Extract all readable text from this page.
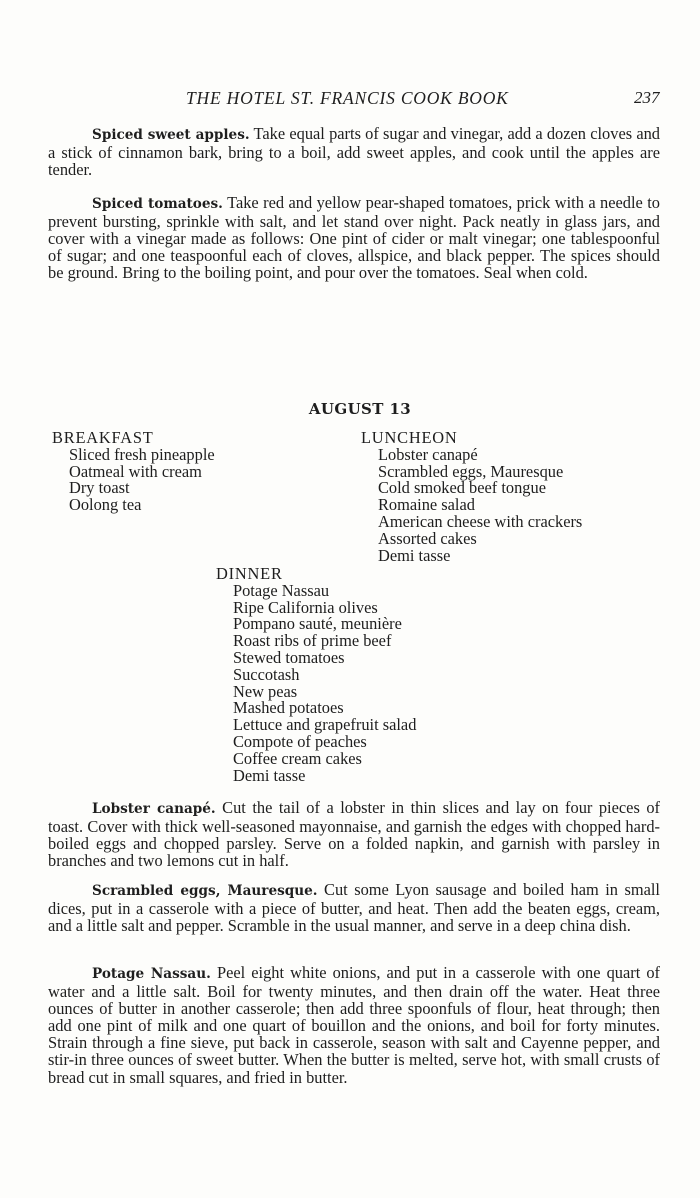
THE HOTEL ST. FRANCIS COOK BOOK	237

Spiced sweet apples. Take equal parts of sugar and vinegar, add a dozen cloves and a stick of cinnamon bark, bring to a boil, add sweet apples, and cook until the apples are tender.

Spiced tomatoes. Take red and yellow pear-shaped tomatoes, prick with a needle to prevent bursting, sprinkle with salt, and let stand over night. Pack neatly in glass jars, and cover with a vinegar made as follows: One pint of cider or malt vinegar; one tablespoonful of sugar; and one teaspoonful each of cloves, allspice, and black pepper. The spices should be ground. Bring to the boiling point, and pour over the tomatoes. Seal when cold.

AUGUST 13
BREAKFAST
Sliced fresh pineapple
Oatmeal with cream
Dry toast
Oolong tea
LUNCHEON
Lobster canapé
Scrambled eggs, Mauresque
Cold smoked beef tongue
Romaine salad
American cheese with crackers
Assorted cakes
Demi tasse
DINNER
Potage Nassau
Ripe California olives
Pompano sauté, meunière
Roast ribs of prime beef
Stewed tomatoes
Succotash
New peas
Mashed potatoes
Lettuce and grapefruit salad
Compote of peaches
Coffee cream cakes
Demi tasse

Lobster canapé. Cut the tail of a lobster in thin slices and lay on four pieces of toast. Cover with thick well-seasoned mayonnaise, and garnish the edges with chopped hard-boiled eggs and chopped parsley. Serve on a folded napkin, and garnish with parsley in branches and two lemons cut in half.

Scrambled eggs, Mauresque. Cut some Lyon sausage and boiled ham in small dices, put in a casserole with a piece of butter, and heat. Then add the beaten eggs, cream, and a little salt and pepper. Scramble in the usual manner, and serve in a deep china dish.

Potage Nassau. Peel eight white onions, and put in a casserole with one quart of water and a little salt. Boil for twenty minutes, and then drain off the water. Heat three ounces of butter in another casserole; then add three spoonfuls of flour, heat through; then add one pint of milk and one quart of bouillon and the onions, and boil for forty minutes. Strain through a fine sieve, put back in casserole, season with salt and Cayenne pepper, and stir-in three ounces of sweet butter. When the butter is melted, serve hot, with small crusts of bread cut in small squares, and fried in butter.
